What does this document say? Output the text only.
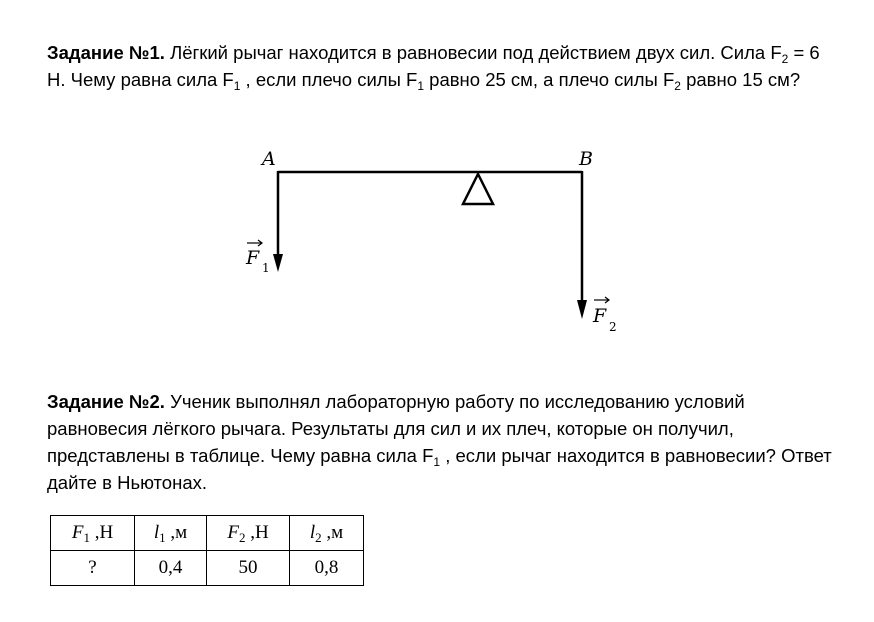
Задание №1. Лёгкий рычаг находится в равновесии под действием двух сил. Сила $F_2 = 6$ Н. Чему равна сила $F_1$ , если плечо силы $F_1$ равно 25 см, а плечо силы $F_2$ равно 15 см?
A	B
F 1
F 2
Задание №2. Ученик выполнял лабораторную работу по исследованию условий равновесия лёгкого рычага. Результаты для сил и их плеч, которые он получил, представлены в таблице. Чему равна сила $F_1$ , если рычаг находится в равновесии? Ответ дайте в Ньютонах.
$F_1$ ,Н	$l_1$ ,м	$F_2$ ,Н	$l_2$ ,м
?	0,4	50	0,8
